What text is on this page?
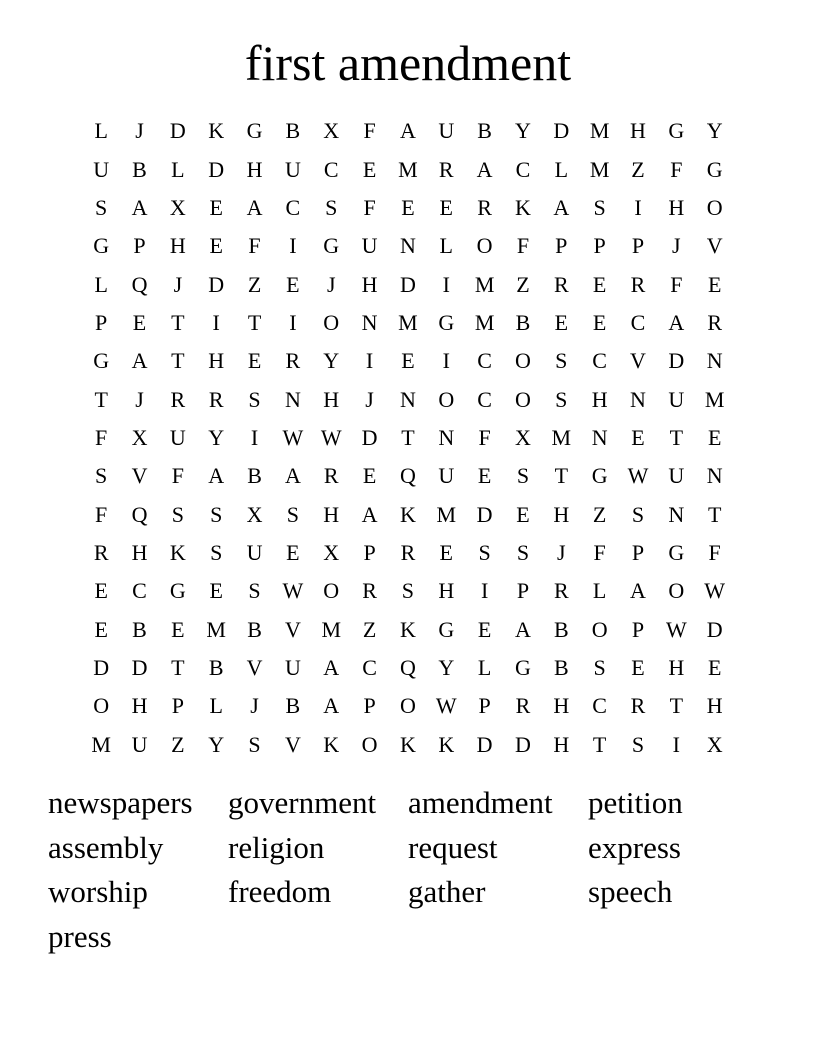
first amendment
L	J	D	K	G	B	X	F	A	U	B	Y	D M H	G	Y
U	B	L	D	H	U	C	E M R	A	C	L M Z	F	G
S	A	X	E	A	C	S	F	E	E	R	K	A	S	I	H	O
G	P	H	E	F	I	G	U	N	L	O	F	P	P	P	J	V
L	Q	J	D	Z	E	J	H	D	I	M Z	R	E	R	F	E
P	E	T	I	T	I	O	N M G M B	E	E	C	A	R
G	A	T	H	E	R	Y	I	E	I	C	O	S	C	V	D	N
T	J	R	R	S	N	H	J	N	O	C	O	S	H	N	U M
F	X	U	Y	I	W W D	T	N	F	X M N	E	T	E
S	V	F	A	B	A	R	E	Q	U	E	S	T	G W U	N
F	Q	S	S	X	S	H	A	K M D	E	H	Z	S	N	T
R	H	K	S	U	E	X	P	R	E	S	S	J	F	P	G	F
E	C	G	E	S W O	R	S	H	I	P	R	L	A	O W
E	B	E M B	V M Z	K	G	E	A	B	O	P W D
D	D	T	B	V	U	A	C	Q	Y	L	G	B	S	E	H	E
O	H	P	L	J	B	A	P	O W P	R	H	C	R	T	H
M U	Z	Y	S	V	K	O	K	K	D	D	H	T	S	I	X
newspapers	government	amendment	petition
assembly	religion	request	express
worship	freedom	gather	speech
press
